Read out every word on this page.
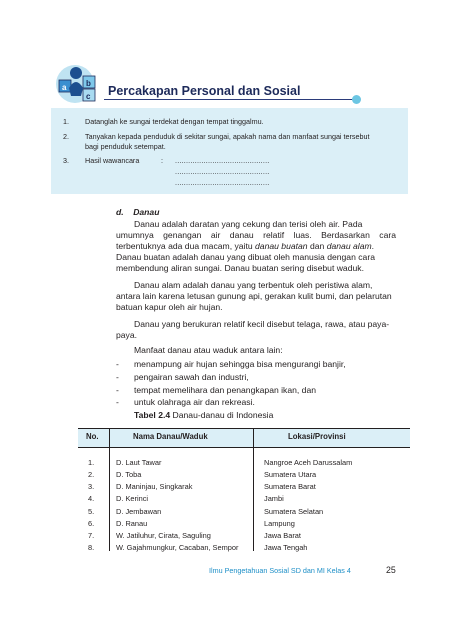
a b
c Percakapan Personal dan Sosial
1. Datanglah ke sungai terdekat dengan tempat tinggalmu.
2. Tanyakan kepada penduduk di sekitar sungai, apakah nama dan manfaat sungai tersebut
bagi penduduk setempat.
3. Hasil wawancara	: ...........................................
...........................................
...........................................
d.    Danau
Danau adalah daratan yang cekung dan terisi oleh air. Pada
umumnya genangan air danau relatif luas. Berdasarkan cara
terbentuknya ada dua macam, yaitu danau buatan dan danau alam.
Danau buatan adalah danau yang dibuat oleh manusia dengan cara
membendung aliran sungai. Danau buatan sering disebut waduk.
Danau alam adalah danau yang terbentuk oleh peristiwa alam,
antara lain karena letusan gunung api, gerakan kulit bumi, dan pelarutan
batuan kapur oleh air hujan.
Danau yang berukuran relatif kecil disebut telaga, rawa, atau paya-
paya.
Manfaat danau atau waduk antara lain:
- menampung air hujan sehingga bisa mengurangi banjir,
- pengairan sawah dan industri,
- tempat memelihara dan penangkapan ikan, dan
- untuk olahraga air dan rekreasi.
Tabel 2.4 Danau-danau di Indonesia
No.	Nama Danau/Waduk	Lokasi/Provinsi
1.	D. Laut Tawar	Nangroe Aceh Darussalam
2.	D. Toba	Sumatera Utara
3.	D. Maninjau, Singkarak	Sumatera Barat
4.	D. Kerinci	Jambi
5.	D. Jembawan	Sumatera Selatan
6.	D. Ranau	Lampung
7.	W. Jatiluhur, Cirata, Saguling	Jawa Barat
8.	W. Gajahmungkur, Cacaban, Sempor	Jawa Tengah
Ilmu Pengetahuan Sosial SD dan MI Kelas 4	25
